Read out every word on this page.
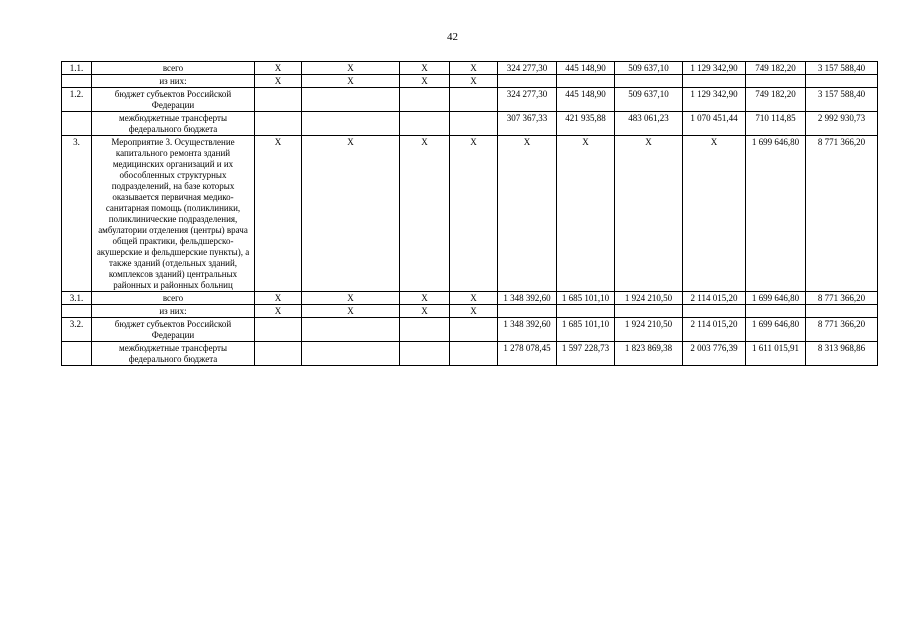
42
1.1.	всего	Х	Х	Х	Х	324 277,30	445 148,90	509 637,10	1 129 342,90	749 182,20	3 157 588,40
	из них:	Х	Х	Х	Х						
1.2.	бюджет субъектов Российской Федерации					324 277,30	445 148,90	509 637,10	1 129 342,90	749 182,20	3 157 588,40
	межбюджетные трансферты федерального бюджета					307 367,33	421 935,88	483 061,23	1 070 451,44	710 114,85	2 992 930,73
3.	Мероприятие 3. Осуществление капитального ремонта зданий медицинских организаций и их обособленных структурных подразделений, на базе которых оказывается первичная медико-санитарная помощь (поликлиники, поликлинические подразделения, амбулатории отделения (центры) врача общей практики, фельдшерско-акушерские и фельдшерские пункты), а также зданий (отдельных зданий, комплексов зданий) центральных районных и районных больниц	Х	Х	Х	Х	Х	Х	Х	Х	1 699 646,80	8 771 366,20
3.1.	всего	Х	Х	Х	Х	1 348 392,60	1 685 101,10	1 924 210,50	2 114 015,20	1 699 646,80	8 771 366,20
	из них:	Х	Х	Х	Х						
3.2.	бюджет субъектов Российской Федерации					1 348 392,60	1 685 101,10	1 924 210,50	2 114 015,20	1 699 646,80	8 771 366,20
	межбюджетные трансферты федерального бюджета					1 278 078,45	1 597 228,73	1 823 869,38	2 003 776,39	1 611 015,91	8 313 968,86
